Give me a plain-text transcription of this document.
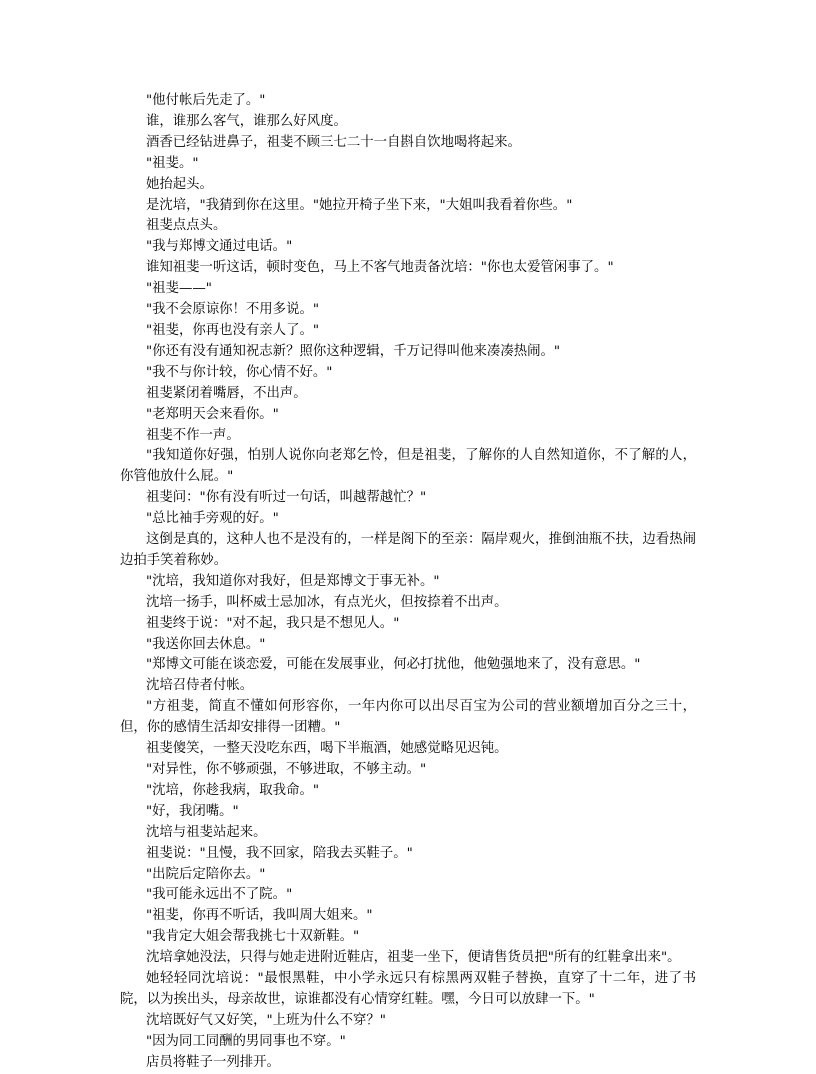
"他付帐后先走了。"

谁，谁那么客气，谁那么好风度。

酒香已经钻进鼻子，祖斐不顾三七二十一自斟自饮地喝将起来。

"祖斐。"

她抬起头。

是沈培，"我猜到你在这里。"她拉开椅子坐下来，"大姐叫我看着你些。"

祖斐点点头。

"我与郑博文通过电话。"

谁知祖斐一听这话，顿时变色，马上不客气地责备沈培："你也太爱管闲事了。"

"祖斐——"

"我不会原谅你！不用多说。"

"祖斐，你再也没有亲人了。"

"你还有没有通知祝志新？照你这种逻辑，千万记得叫他来凑凑热闹。"

"我不与你计较，你心情不好。"

祖斐紧闭着嘴唇，不出声。

"老郑明天会来看你。"

祖斐不作一声。

"我知道你好强，怕别人说你向老郑乞怜，但是祖斐，了解你的人自然知道你，不了解的人，你管他放什么屁。"

祖斐问："你有没有听过一句话，叫越帮越忙？"

"总比袖手旁观的好。"

这倒是真的，这种人也不是没有的，一样是阁下的至亲：隔岸观火，推倒油瓶不扶，边看热闹边拍手笑着称妙。

"沈培，我知道你对我好，但是郑博文于事无补。"

沈培一扬手，叫杯威士忌加冰，有点光火，但按捺着不出声。

祖斐终于说："对不起，我只是不想见人。"

"我送你回去休息。"

"郑博文可能在谈恋爱，可能在发展事业，何必打扰他，他勉强地来了，没有意思。"

沈培召侍者付帐。

"方祖斐，简直不懂如何形容你，一年内你可以出尽百宝为公司的营业额增加百分之三十，但，你的感情生活却安排得一团糟。"

祖斐傻笑，一整天没吃东西，喝下半瓶酒，她感觉略见迟钝。

"对异性，你不够顽强，不够进取，不够主动。"

"沈培，你趁我病，取我命。"

"好，我闭嘴。"

沈培与祖斐站起来。

祖斐说："且慢，我不回家，陪我去买鞋子。"

"出院后定陪你去。"

"我可能永远出不了院。"

"祖斐，你再不听话，我叫周大姐来。"

"我肯定大姐会帮我挑七十双新鞋。"

沈培拿她没法，只得与她走进附近鞋店，祖斐一坐下，便请售货员把"所有的红鞋拿出来"。

她轻轻同沈培说："最恨黑鞋，中小学永远只有棕黑两双鞋子替换，直穿了十二年，进了书院，以为挨出头，母亲故世，谅谁都没有心情穿红鞋。嘿，今日可以放肆一下。"

沈培既好气又好笑，"上班为什么不穿？"

"因为同工同酬的男同事也不穿。"

店员将鞋子一列排开。
